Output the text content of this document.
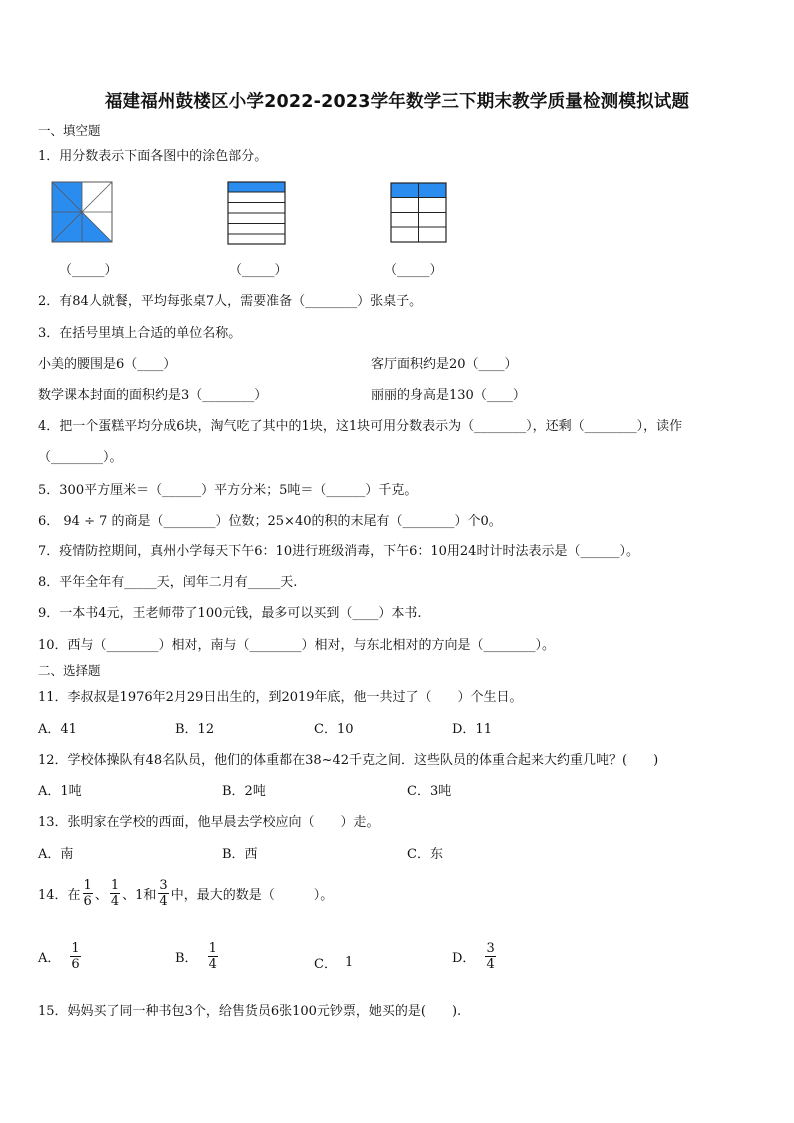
福建福州鼓楼区小学2022-2023学年数学三下期末教学质量检测模拟试题
一、填空题
1．用分数表示下面各图中的涂色部分。
（_____）	（_____）	（_____）
2．有84人就餐，平均每张桌7人，需要准备（________）张桌子。
3．在括号里填上合适的单位名称。
小美的腰围是6（____）	客厅面积约是20（____）
数学课本封面的面积约是3（________）	丽丽的身高是130（____）
4．把一个蛋糕平均分成6块，淘气吃了其中的1块，这1块可用分数表示为（________），还剩（________），读作
（________）。
5．300平方厘米＝（______）平方分米；5吨＝（______）千克。
6． 94 ÷ 7 的商是（________）位数；25×40的积的末尾有（________）个0。
7．疫情防控期间，真州小学每天下午6：10进行班级消毒，下午6：10用24时计时法表示是（______）。
8．平年全年有_____天，闰年二月有_____天.
9．一本书4元，王老师带了100元钱，最多可以买到（____）本书.
10．西与（________）相对，南与（________）相对，与东北相对的方向是（________）。
二、选择题
11．李叔叔是1976年2月29日出生的，到2019年底，他一共过了（　　）个生日。
A．41	B．12	C．10	D．11
12．学校体操队有48名队员，他们的体重都在38~42千克之间．这些队员的体重合起来大约重几吨？(　　)
A．1吨	B．2吨	C．3吨
13．张明家在学校的西面，他早晨去学校应向（　　）走。
A．南	B．西	C．东
14．在 $\frac{1}{6}$ 、 $\frac{1}{4}$ 、1和 $\frac{3}{4}$ 中，最大的数是（　　　）。
A． $\frac{1}{6}$	B． $\frac{1}{4}$	C． 1	D． $\frac{3}{4}$
15．妈妈买了同一种书包3个，给售货员6张100元钞票，她买的是(　　).
